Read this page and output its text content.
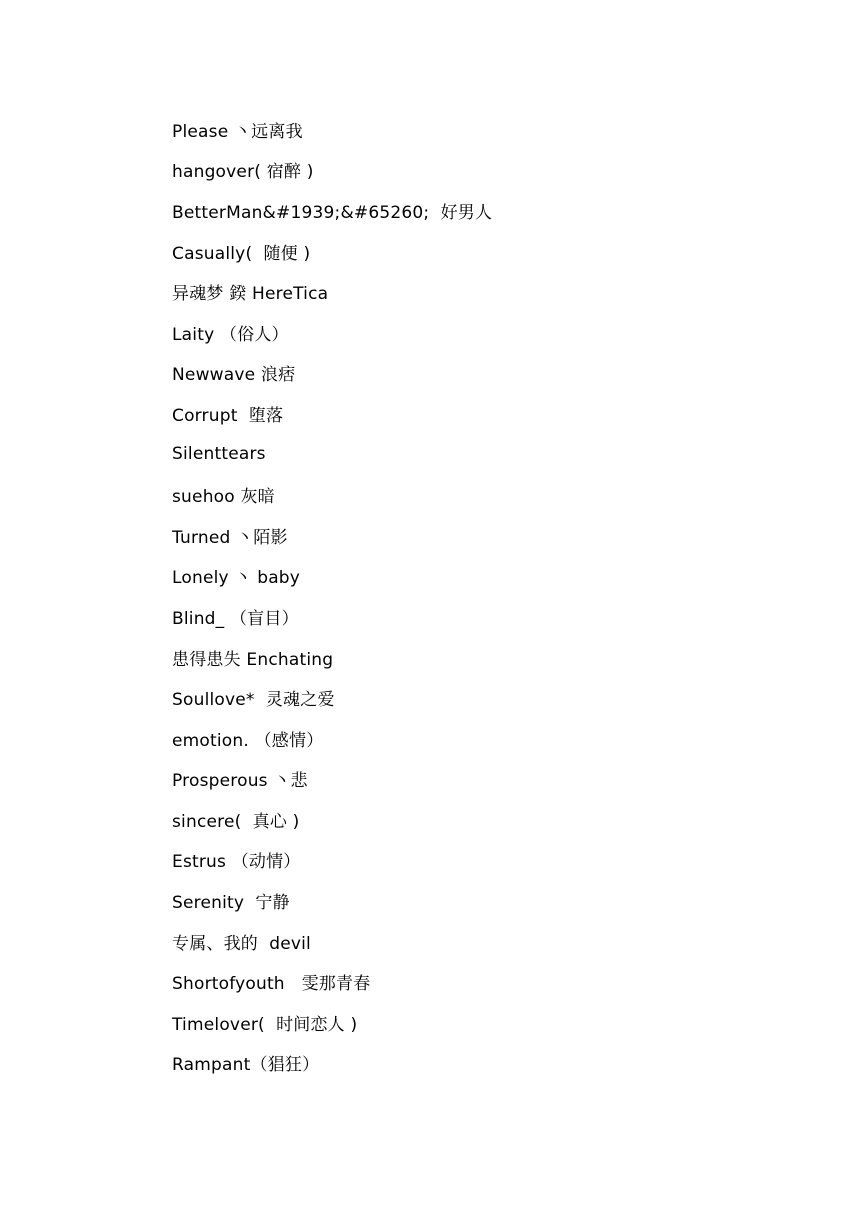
Please 丶远离我
hangover( 宿醉 )
BetterMan&#1939;&#65260;  好男人
Casually(  随便 )
异魂梦 鍨 HereTica
Laity （俗人）
Newwave 浪痞
Corrupt  堕落
Silenttears
suehoo 灰暗
Turned 丶陌影
Lonely 丶 baby
Blind_ （盲目）
患得患失 Enchating
Soullove*  灵魂之爱
emotion. （感情）
Prosperous 丶悲
sincere(  真心 )
Estrus （动情）
Serenity  宁静
专属、我的  devil
Shortofyouth   雯那青春
Timelover(  时间恋人 )
Rampant（猖狂）
